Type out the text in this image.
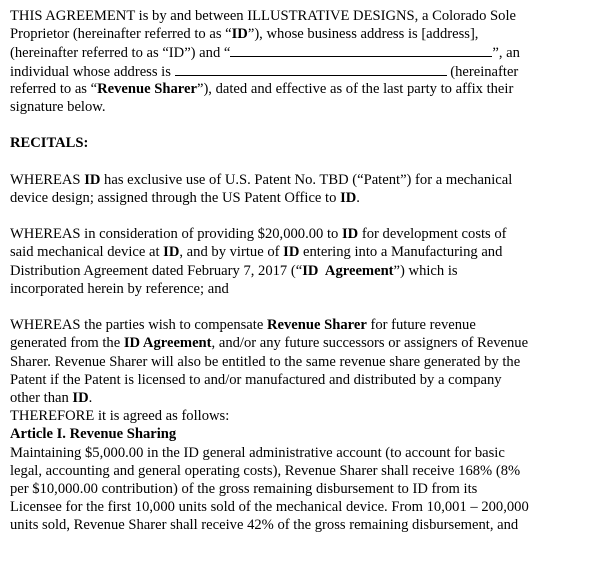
THIS AGREEMENT is by and between ILLUSTRATIVE DESIGNS, a Colorado Sole
Proprietor (hereinafter referred to as “ID”), whose business address is [address],
(hereinafter referred to as “ID”) and “	”, an
individual whose address is	(hereinafter
referred to as “Revenue Sharer”), dated and effective as of the last party to affix their
signature below.
RECITALS:
WHEREAS ID has exclusive use of U.S. Patent No. TBD (“Patent”) for a mechanical
device design; assigned through the US Patent Office to ID.
WHEREAS in consideration of providing $20,000.00 to ID for development costs of
said mechanical device at ID, and by virtue of ID entering into a Manufacturing and
Distribution Agreement dated February 7, 2017 (“ID  Agreement”) which is
incorporated herein by reference; and
WHEREAS the parties wish to compensate Revenue Sharer for future revenue
generated from the ID Agreement, and/or any future successors or assigners of Revenue
Sharer. Revenue Sharer will also be entitled to the same revenue share generated by the
Patent if the Patent is licensed to and/or manufactured and distributed by a company
other than ID.
THEREFORE it is agreed as follows:
Article I. Revenue Sharing
Maintaining $5,000.00 in the ID general administrative account (to account for basic
legal, accounting and general operating costs), Revenue Sharer shall receive 168% (8%
per $10,000.00 contribution) of the gross remaining disbursement to ID from its
Licensee for the first 10,000 units sold of the mechanical device. From 10,001 – 200,000
units sold, Revenue Sharer shall receive 42% of the gross remaining disbursement, and
